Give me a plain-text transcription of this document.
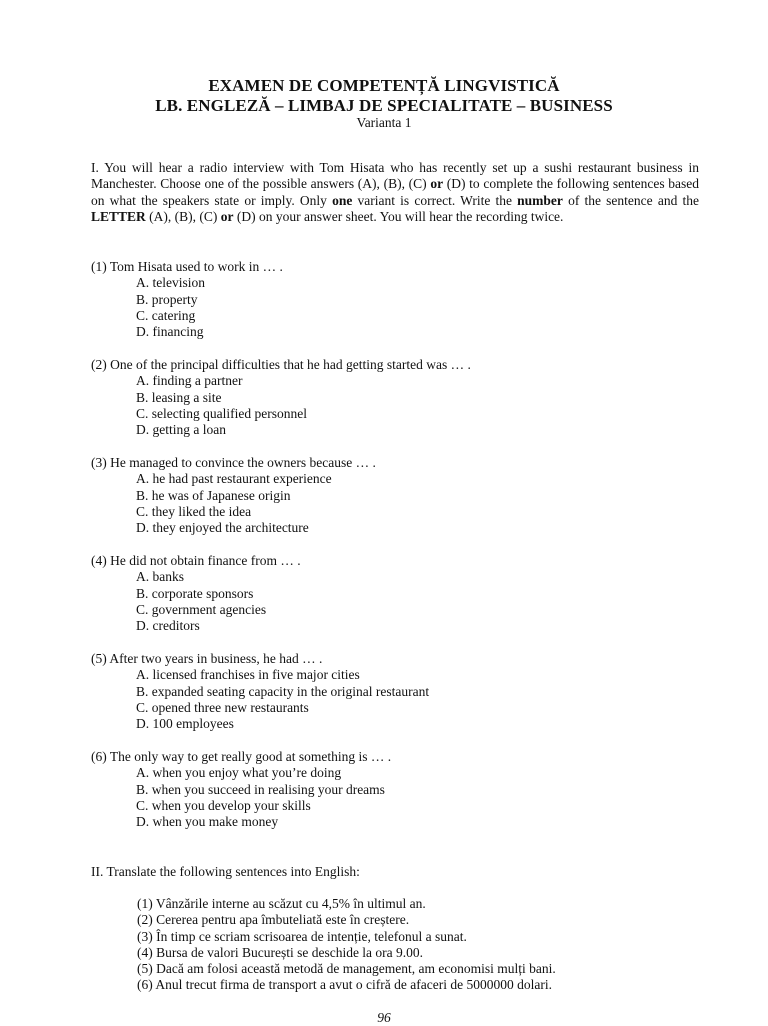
EXAMEN DE COMPETENȚĂ LINGVISTICĂ
LB. ENGLEZĂ – LIMBAJ DE SPECIALITATE – BUSINESS
Varianta 1
I. You will hear a radio interview with Tom Hisata who has recently set up a sushi restaurant business in Manchester. Choose one of the possible answers (A), (B), (C) or (D) to complete the following sentences based on what the speakers state or imply. Only one variant is correct. Write the number of the sentence and the LETTER (A), (B), (C) or (D) on your answer sheet. You will hear the recording twice.
(1) Tom Hisata used to work in … .
A. television
B. property
C. catering
D. financing
(2) One of the principal difficulties that he had getting started was … .
A. finding a partner
B. leasing a site
C. selecting qualified personnel
D. getting a loan
(3) He managed to convince the owners because … .
A. he had past restaurant experience
B. he was of Japanese origin
C. they liked the idea
D. they enjoyed the architecture
(4) He did not obtain finance from … .
A. banks
B. corporate sponsors
C. government agencies
D. creditors
(5) After two years in business, he had … .
A. licensed franchises in five major cities
B. expanded seating capacity in the original restaurant
C. opened three new restaurants
D. 100 employees
(6) The only way to get really good at something is … .
A. when you enjoy what you’re doing
B. when you succeed in realising your dreams
C. when you develop your skills
D. when you make money
II. Translate the following sentences into English:
(1) Vânzările interne au scăzut cu 4,5% în ultimul an.
(2) Cererea pentru apa îmbuteliată este în creștere.
(3) În timp ce scriam scrisoarea de intenție, telefonul a sunat.
(4) Bursa de valori București se deschide la ora 9.00.
(5) Dacă am folosi această metodă de management, am economisi mulți bani.
(6) Anul trecut firma de transport a avut o cifră de afaceri de 5000000 dolari.
96
